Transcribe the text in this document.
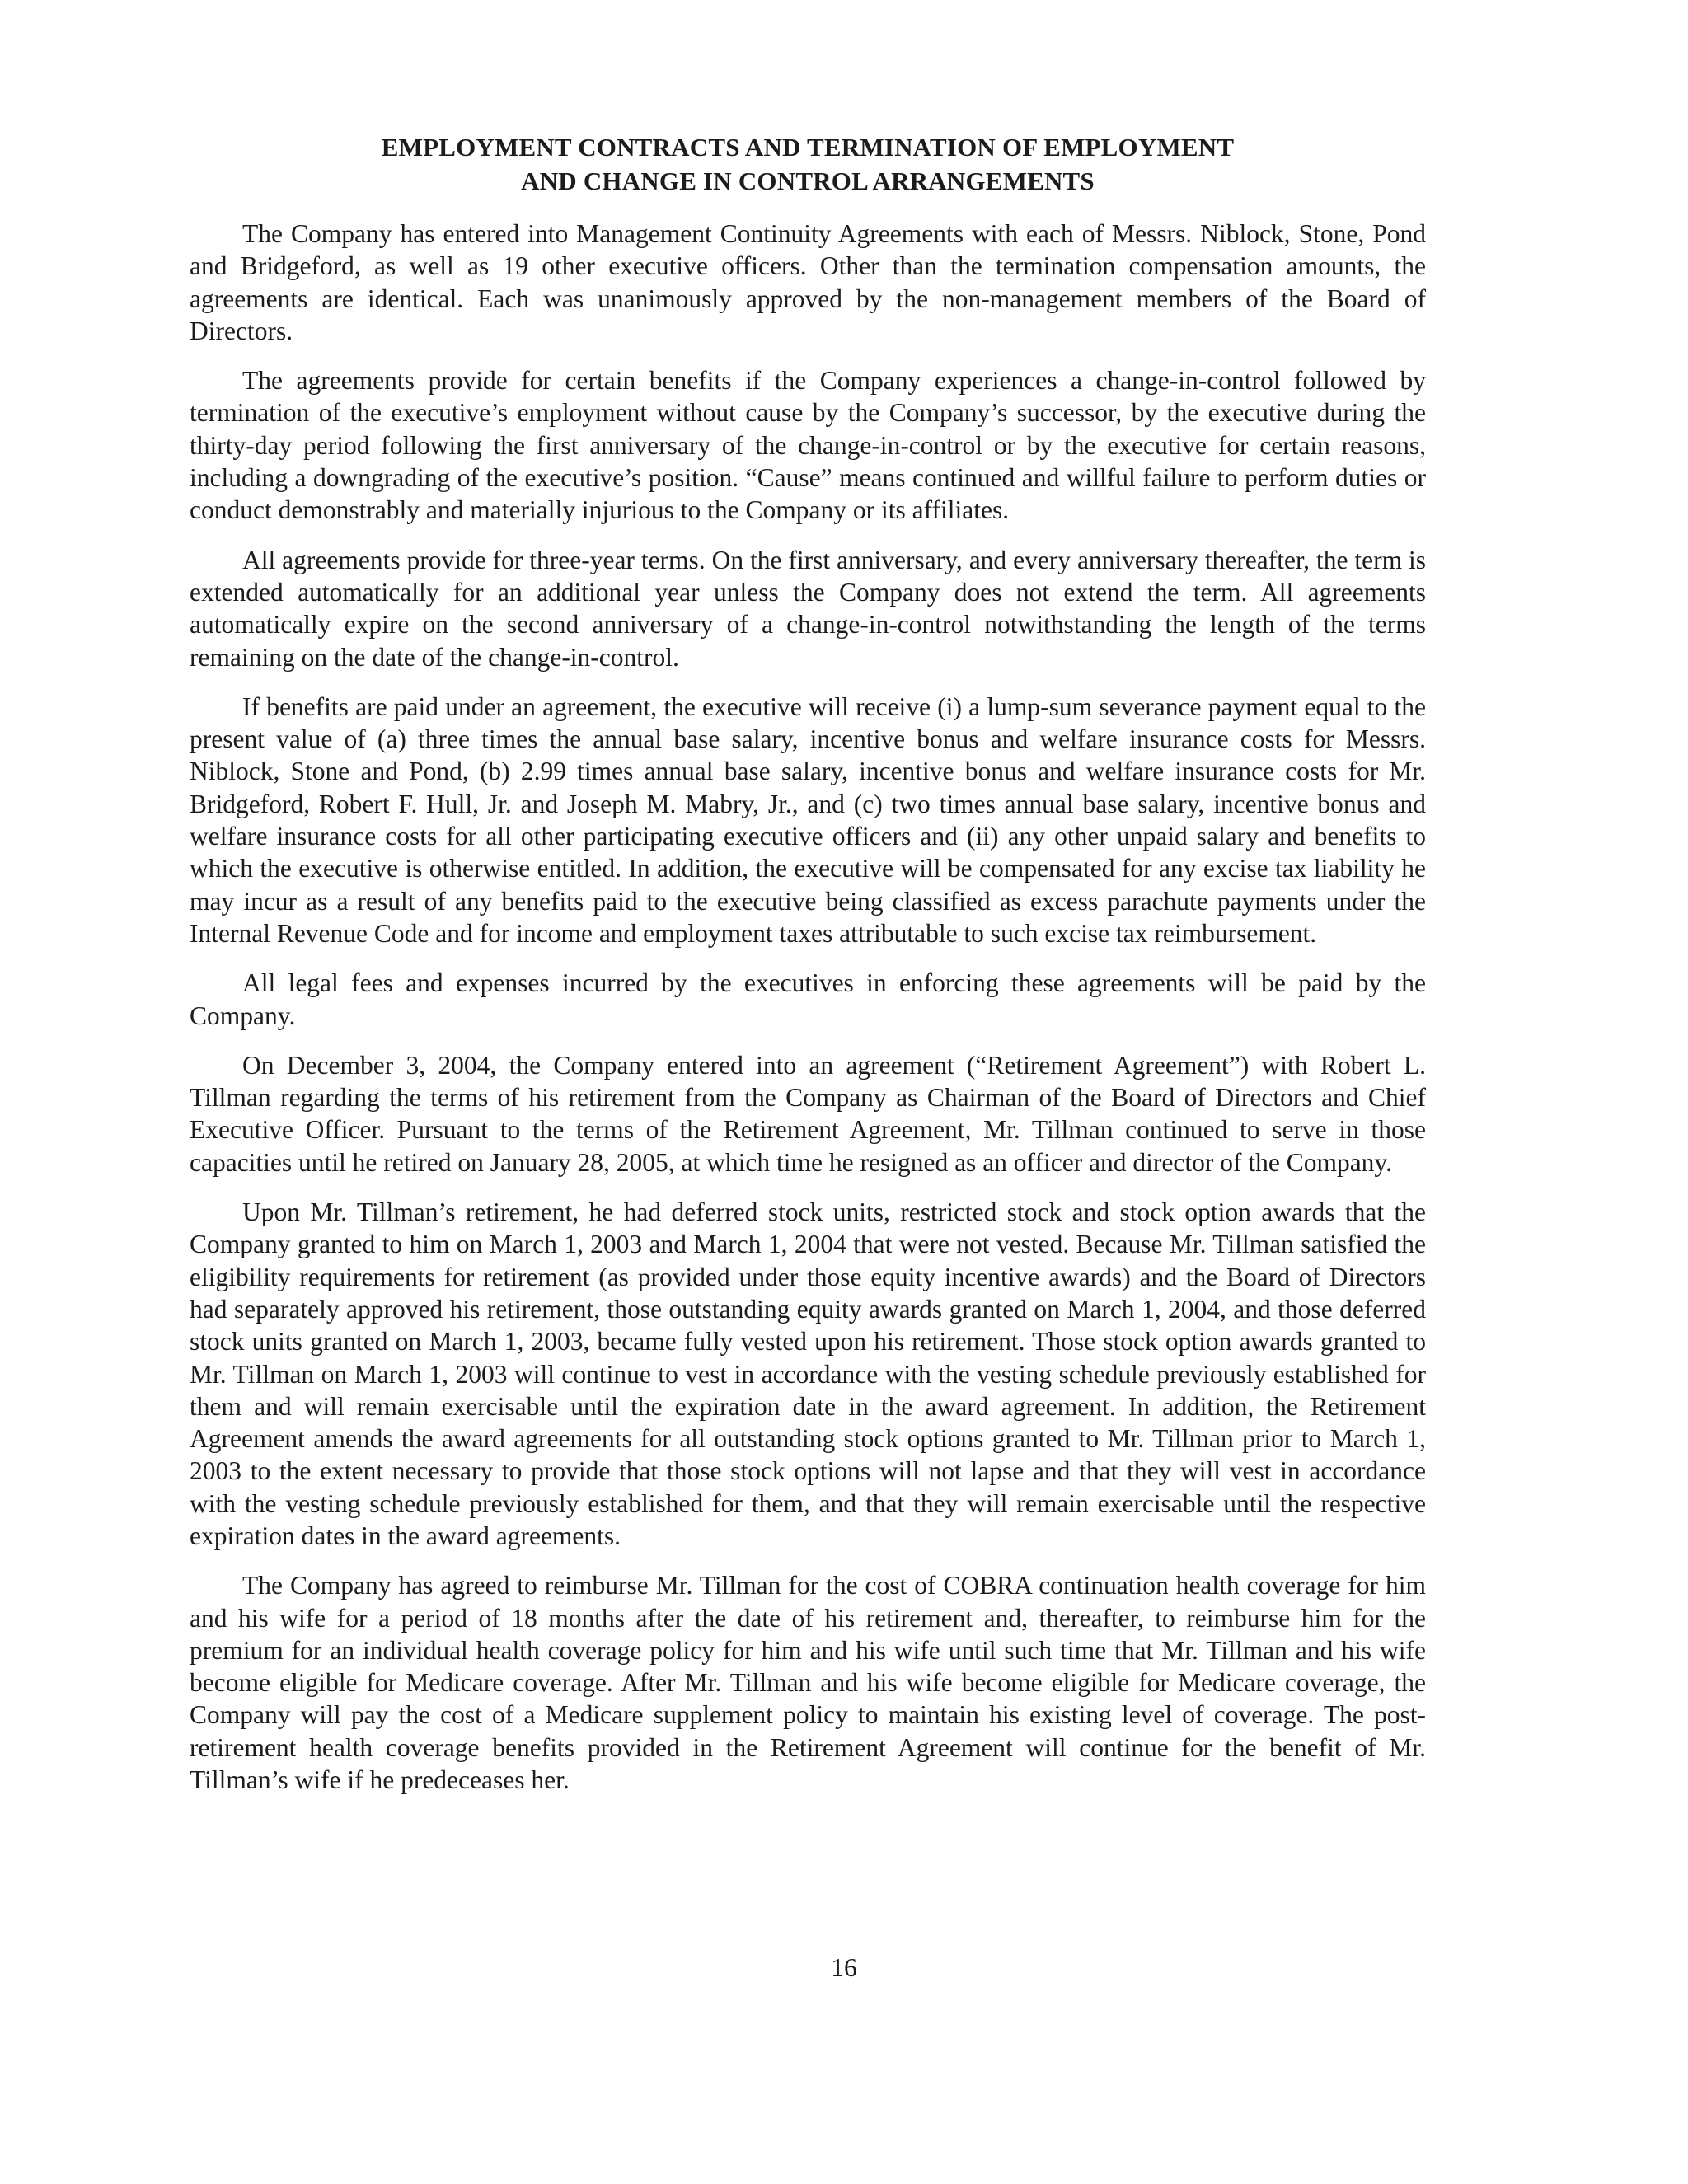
EMPLOYMENT CONTRACTS AND TERMINATION OF EMPLOYMENT
AND CHANGE IN CONTROL ARRANGEMENTS

The Company has entered into Management Continuity Agreements with each of Messrs. Niblock, Stone, Pond and Bridgeford, as well as 19 other executive officers. Other than the termination compensation amounts, the agreements are identical. Each was unanimously approved by the non-management members of the Board of Directors.

The agreements provide for certain benefits if the Company experiences a change-in-control followed by termination of the executive’s employment without cause by the Company’s successor, by the executive during the thirty-day period following the first anniversary of the change-in-control or by the executive for certain reasons, including a downgrading of the executive’s position. “Cause” means continued and willful failure to perform duties or conduct demonstrably and materially injurious to the Company or its affiliates.

All agreements provide for three-year terms. On the first anniversary, and every anniversary thereafter, the term is extended automatically for an additional year unless the Company does not extend the term. All agreements automatically expire on the second anniversary of a change-in-control notwithstanding the length of the terms remaining on the date of the change-in-control.

If benefits are paid under an agreement, the executive will receive (i) a lump-sum severance payment equal to the present value of (a) three times the annual base salary, incentive bonus and welfare insurance costs for Messrs. Niblock, Stone and Pond, (b) 2.99 times annual base salary, incentive bonus and welfare insurance costs for Mr. Bridgeford, Robert F. Hull, Jr. and Joseph M. Mabry, Jr., and (c) two times annual base salary, incentive bonus and welfare insurance costs for all other participating executive officers and (ii) any other unpaid salary and benefits to which the executive is otherwise entitled. In addition, the executive will be compensated for any excise tax liability he may incur as a result of any benefits paid to the executive being classified as excess parachute payments under the Internal Revenue Code and for income and employment taxes attributable to such excise tax reimbursement.

All legal fees and expenses incurred by the executives in enforcing these agreements will be paid by the Company.

On December 3, 2004, the Company entered into an agreement (“Retirement Agreement”) with Robert L. Tillman regarding the terms of his retirement from the Company as Chairman of the Board of Directors and Chief Executive Officer. Pursuant to the terms of the Retirement Agreement, Mr. Tillman continued to serve in those capacities until he retired on January 28, 2005, at which time he resigned as an officer and director of the Company.

Upon Mr. Tillman’s retirement, he had deferred stock units, restricted stock and stock option awards that the Company granted to him on March 1, 2003 and March 1, 2004 that were not vested. Because Mr. Tillman satisfied the eligibility requirements for retirement (as provided under those equity incentive awards) and the Board of Directors had separately approved his retirement, those outstanding equity awards granted on March 1, 2004, and those deferred stock units granted on March 1, 2003, became fully vested upon his retirement. Those stock option awards granted to Mr. Tillman on March 1, 2003 will continue to vest in accordance with the vesting schedule previously established for them and will remain exercisable until the expiration date in the award agreement. In addition, the Retirement Agreement amends the award agreements for all outstanding stock options granted to Mr. Tillman prior to March 1, 2003 to the extent necessary to provide that those stock options will not lapse and that they will vest in accordance with the vesting schedule previously established for them, and that they will remain exercisable until the respective expiration dates in the award agreements.

The Company has agreed to reimburse Mr. Tillman for the cost of COBRA continuation health coverage for him and his wife for a period of 18 months after the date of his retirement and, thereafter, to reimburse him for the premium for an individual health coverage policy for him and his wife until such time that Mr. Tillman and his wife become eligible for Medicare coverage. After Mr. Tillman and his wife become eligible for Medicare coverage, the Company will pay the cost of a Medicare supplement policy to maintain his existing level of coverage. The post-retirement health coverage benefits provided in the Retirement Agreement will continue for the benefit of Mr. Tillman’s wife if he predeceases her.

16
